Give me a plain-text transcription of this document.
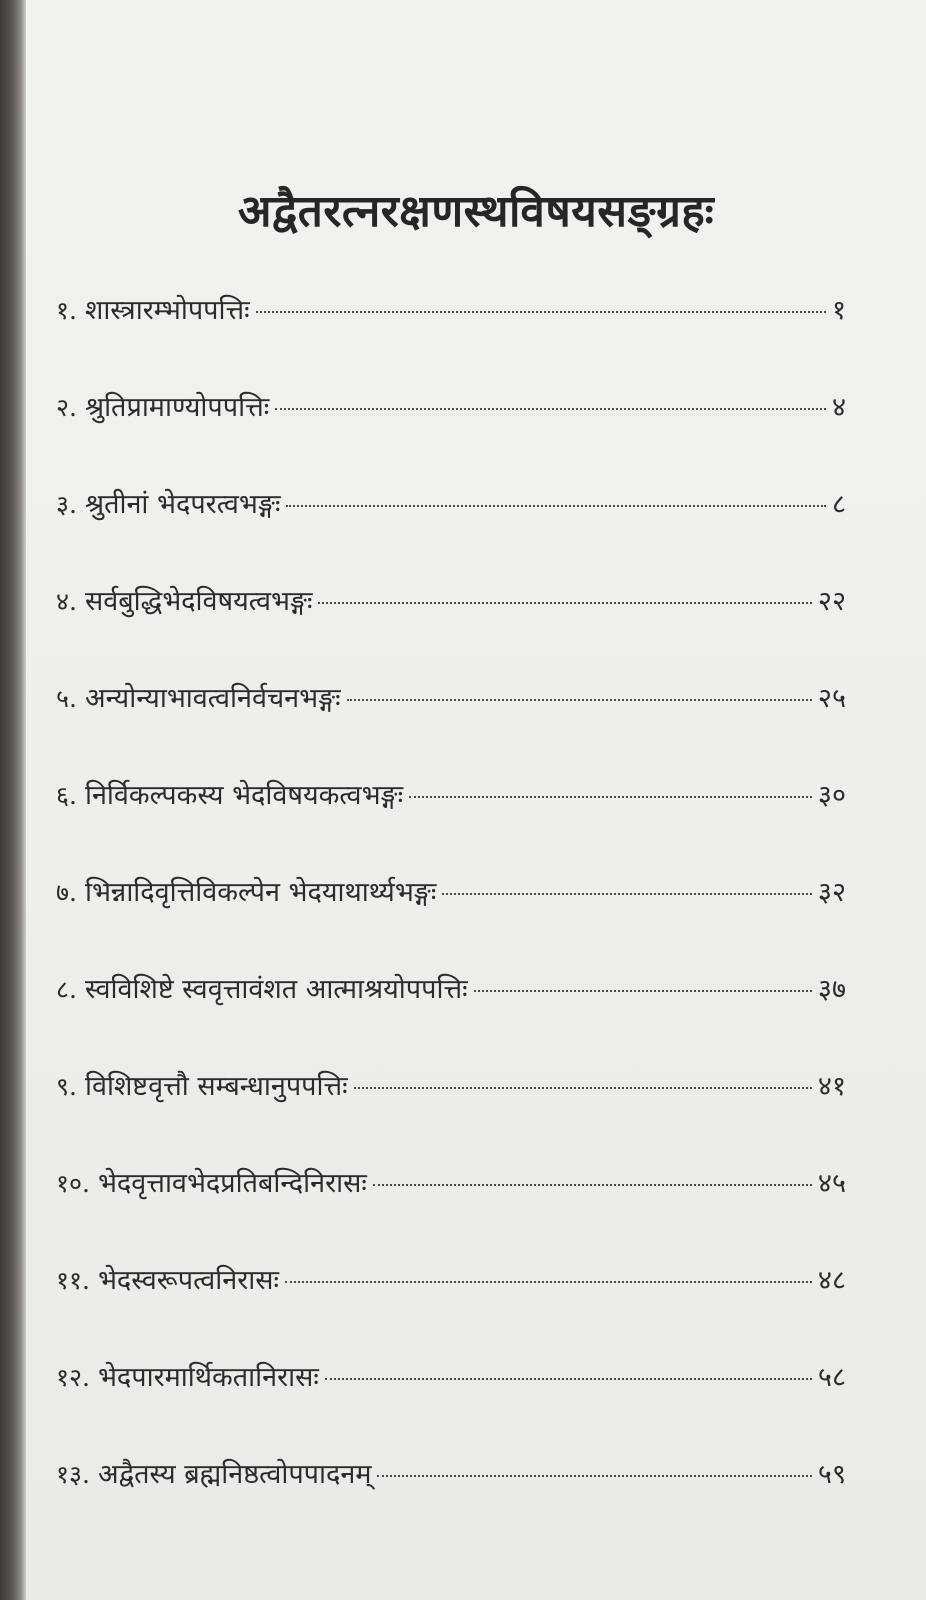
अद्वैतरत्नरक्षणस्थविषयसङ्ग्रहः
१. शास्त्रारम्भोपपत्तिः	१
२. श्रुतिप्रामाण्योपपत्तिः	४
३. श्रुतीनां भेदपरत्वभङ्गः	८
४. सर्वबुद्धिभेदविषयत्वभङ्गः	२२
५. अन्योन्याभावत्वनिर्वचनभङ्गः	२५
६. निर्विकल्पकस्य भेदविषयकत्वभङ्गः	३०
७. भिन्नादिवृत्तिविकल्पेन भेदयाथार्थ्यभङ्गः	३२
८. स्वविशिष्टे स्ववृत्तावंशत आत्माश्रयोपपत्तिः	३७
९. विशिष्टवृत्तौ सम्बन्धानुपपत्तिः	४१
१०. भेदवृत्तावभेदप्रतिबन्दिनिरासः	४५
११. भेदस्वरूपत्वनिरासः	४८
१२. भेदपारमार्थिकतानिरासः	५८
१३. अद्वैतस्य ब्रह्मनिष्ठत्वोपपादनम्	५९
